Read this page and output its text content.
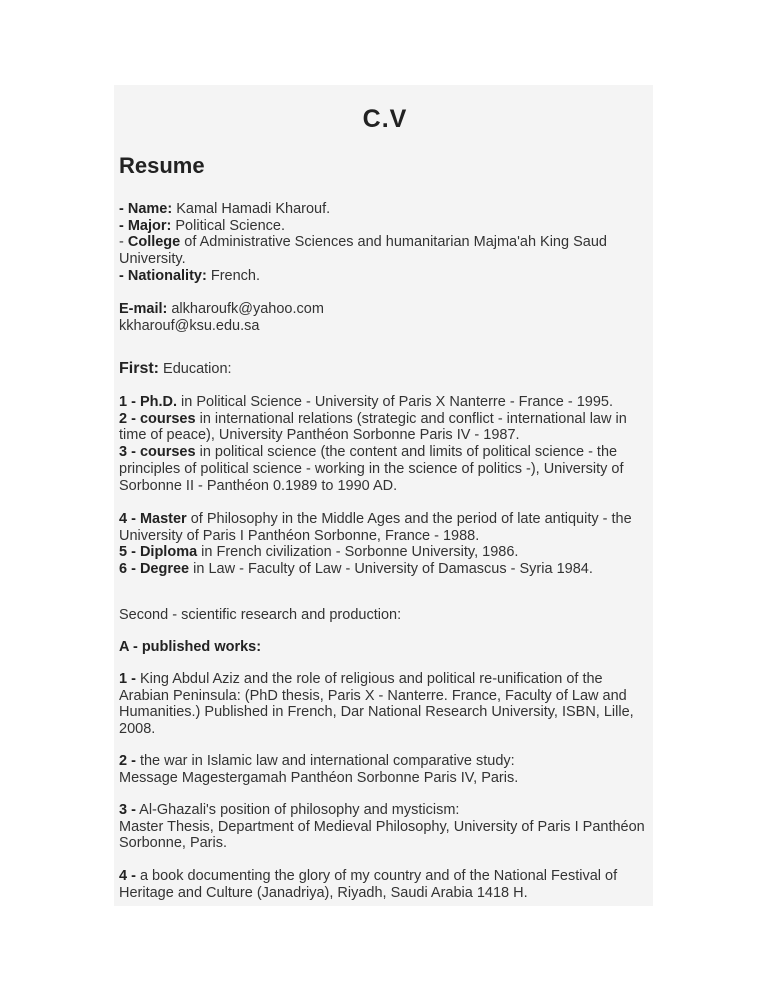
C.V
Resume
- Name: Kamal Hamadi Kharouf.
- Major: Political Science.
- College of Administrative Sciences and humanitarian Majma'ah King Saud University.
- Nationality: French.
E-mail: alkharoufk@yahoo.com
kkharouf@ksu.edu.sa
First: Education:
1 - Ph.D. in Political Science - University of Paris X Nanterre - France - 1995.
2 - courses in international relations (strategic and conflict - international law in time of peace), University Panthéon Sorbonne Paris IV - 1987.
3 - courses in political science (the content and limits of political science - the principles of political science - working in the science of politics -), University of Sorbonne II - Panthéon 0.1989 to 1990 AD.
4 - Master of Philosophy in the Middle Ages and the period of late antiquity - the University of Paris I Panthéon Sorbonne, France - 1988.
5 - Diploma in French civilization - Sorbonne University, 1986.
6 - Degree in Law - Faculty of Law - University of Damascus - Syria 1984.
Second - scientific research and production:
A - published works:
1 - King Abdul Aziz and the role of religious and political re-unification of the Arabian Peninsula: (PhD thesis, Paris X - Nanterre. France, Faculty of Law and Humanities.) Published in French, Dar National Research University, ISBN, Lille, 2008.
2 - the war in Islamic law and international comparative study:
Message Magestergamah Panthéon Sorbonne Paris IV, Paris.
3 - Al-Ghazali's position of philosophy and mysticism:
Master Thesis, Department of Medieval Philosophy, University of Paris I Panthéon Sorbonne, Paris.
4 - a book documenting the glory of my country and of the National Festival of Heritage and Culture (Janadriya), Riyadh, Saudi Arabia 1418 H.
